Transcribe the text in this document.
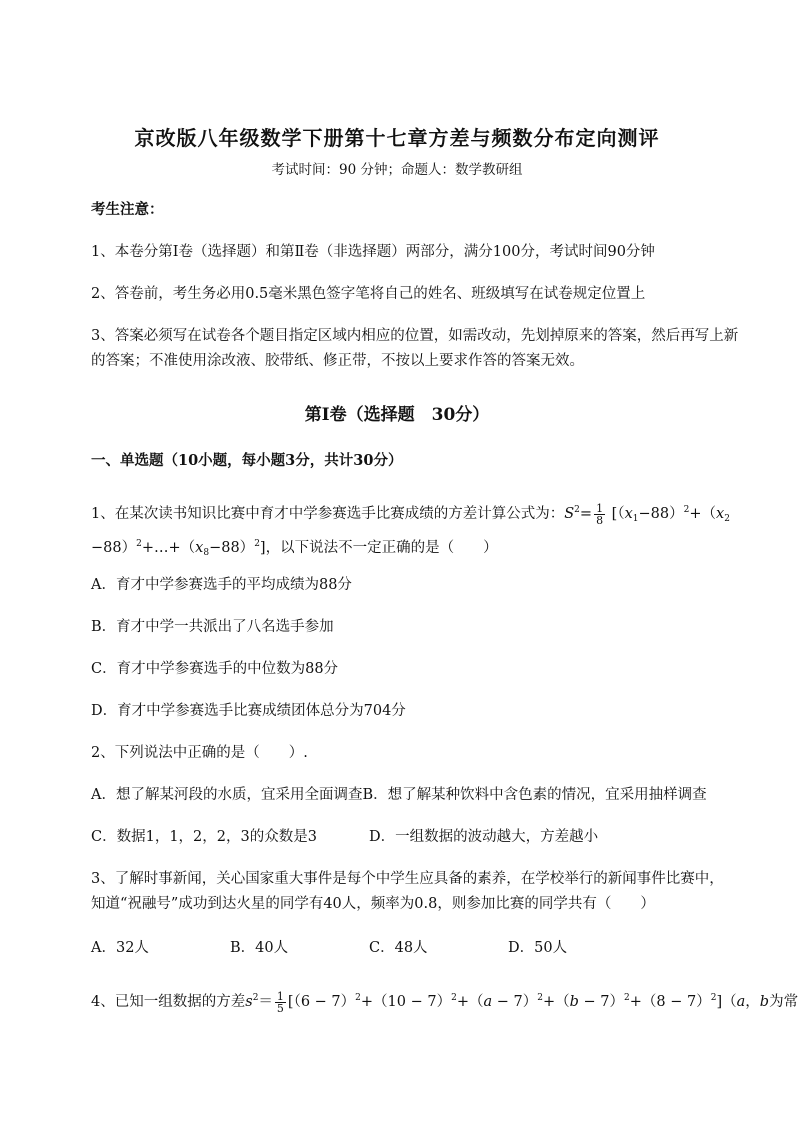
京改版八年级数学下册第十七章方差与频数分布定向测评
考试时间：90 分钟；命题人：数学教研组
考生注意：
1、本卷分第Ⅰ卷（选择题）和第Ⅱ卷（非选择题）两部分，满分100分，考试时间90分钟
2、答卷前，考生务必用0.5毫米黑色签字笔将自己的姓名、班级填写在试卷规定位置上
3、答案必须写在试卷各个题目指定区域内相应的位置，如需改动，先划掉原来的答案，然后再写上新
的答案；不准使用涂改液、胶带纸、修正带，不按以上要求作答的答案无效。
第Ⅰ卷（选择题　30分）
一、单选题（10小题，每小题3分，共计30分）
1、在某次读书知识比赛中育才中学参赛选手比赛成绩的方差计算公式为：$S^2= \frac{1}{8} [(x_1-88)^2+(x_2$
$-88)^2+\dots+(x_8-88)^2$]，以下说法不一定正确的是（　　）
A．育才中学参赛选手的平均成绩为88分
B．育才中学一共派出了八名选手参加
C．育才中学参赛选手的中位数为88分
D．育才中学参赛选手比赛成绩团体总分为704分
2、下列说法中正确的是（　　）.
A．想了解某河段的水质，宜采用全面调查B．想了解某种饮料中含色素的情况，宜采用抽样调查
C．数据1，1，2，2，3的众数是3	D．一组数据的波动越大，方差越小
3、了解时事新闻，关心国家重大事件是每个中学生应具备的素养，在学校举行的新闻事件比赛中，
知道“祝融号”成功到达火星的同学有40人，频率为0.8，则参加比赛的同学共有（　　）
A．32人	B．40人	C．48人	D．50人
4、已知一组数据的方差$s^2= \frac{1}{5} [(6 - 7)^2+(10 - 7)^2+(a - 7)^2+(b - 7)^2+(8 - 7)^2](a$，b为常
